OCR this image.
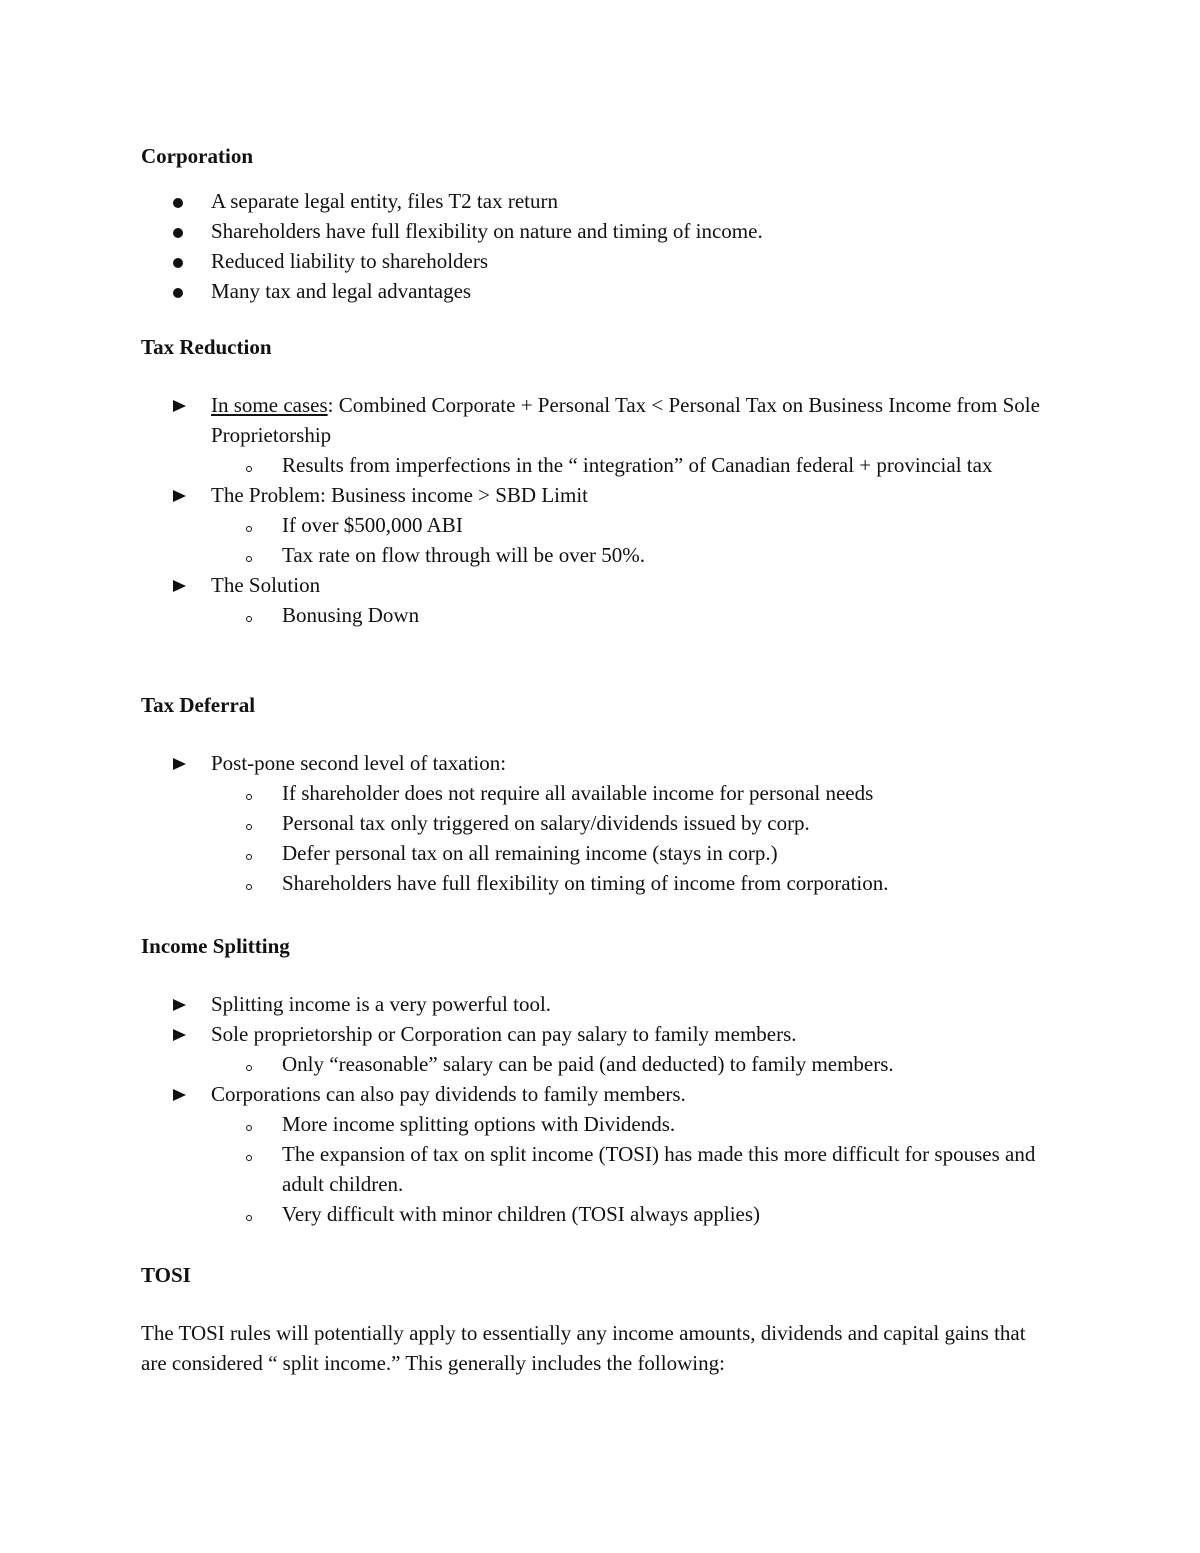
Corporation
A separate legal entity, files T2 tax return
Shareholders have full flexibility on nature and timing of income.
Reduced liability to shareholders
Many tax and legal advantages
Tax Reduction
In some cases: Combined Corporate + Personal Tax < Personal Tax on Business Income from Sole Proprietorship
Results from imperfections in the “ integration” of Canadian federal + provincial tax
The Problem: Business income > SBD Limit
If over $500,000 ABI
Tax rate on flow through will be over 50%.
The Solution
Bonusing Down
Tax Deferral
Post-pone second level of taxation:
If shareholder does not require all available income for personal needs
Personal tax only triggered on salary/dividends issued by corp.
Defer personal tax on all remaining income (stays in corp.)
Shareholders have full flexibility on timing of income from corporation.
Income Splitting
Splitting income is a very powerful tool.
Sole proprietorship or Corporation can pay salary to family members.
Only “reasonable” salary can be paid (and deducted) to family members.
Corporations can also pay dividends to family members.
More income splitting options with Dividends.
The expansion of tax on split income (TOSI) has made this more difficult for spouses and adult children.
Very difficult with minor children (TOSI always applies)
TOSI

The TOSI rules will potentially apply to essentially any income amounts, dividends and capital gains that are considered “ split income.” This generally includes the following:
